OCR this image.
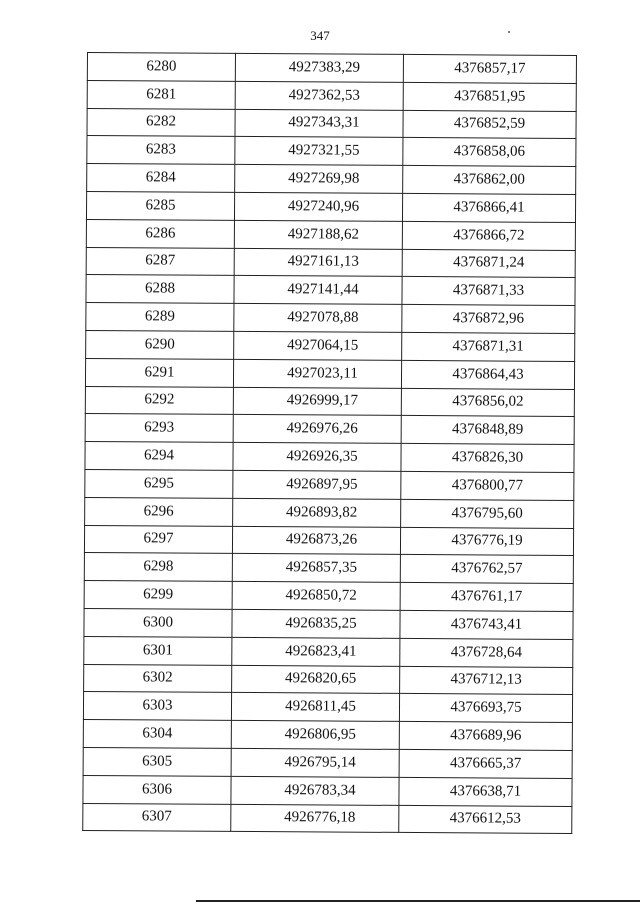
347
6280	4927383,29	4376857,17
6281	4927362,53	4376851,95
6282	4927343,31	4376852,59
6283	4927321,55	4376858,06
6284	4927269,98	4376862,00
6285	4927240,96	4376866,41
6286	4927188,62	4376866,72
6287	4927161,13	4376871,24
6288	4927141,44	4376871,33
6289	4927078,88	4376872,96
6290	4927064,15	4376871,31
6291	4927023,11	4376864,43
6292	4926999,17	4376856,02
6293	4926976,26	4376848,89
6294	4926926,35	4376826,30
6295	4926897,95	4376800,77
6296	4926893,82	4376795,60
6297	4926873,26	4376776,19
6298	4926857,35	4376762,57
6299	4926850,72	4376761,17
6300	4926835,25	4376743,41
6301	4926823,41	4376728,64
6302	4926820,65	4376712,13
6303	4926811,45	4376693,75
6304	4926806,95	4376689,96
6305	4926795,14	4376665,37
6306	4926783,34	4376638,71
6307	4926776,18	4376612,53
